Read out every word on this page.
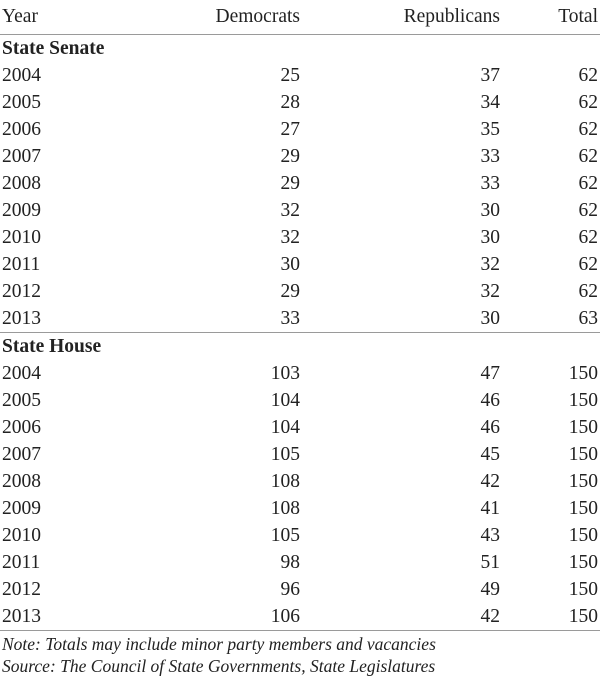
Year	Democrats	Republicans	Total
State Senate			
2004	25	37	62
2005	28	34	62
2006	27	35	62
2007	29	33	62
2008	29	33	62
2009	32	30	62
2010	32	30	62
2011	30	32	62
2012	29	32	62
2013	33	30	63
State House			
2004	103	47	150
2005	104	46	150
2006	104	46	150
2007	105	45	150
2008	108	42	150
2009	108	41	150
2010	105	43	150
2011	98	51	150
2012	96	49	150
2013	106	42	150
Note: Totals may include minor party members and vacancies
Source: The Council of State Governments, State Legislatures
